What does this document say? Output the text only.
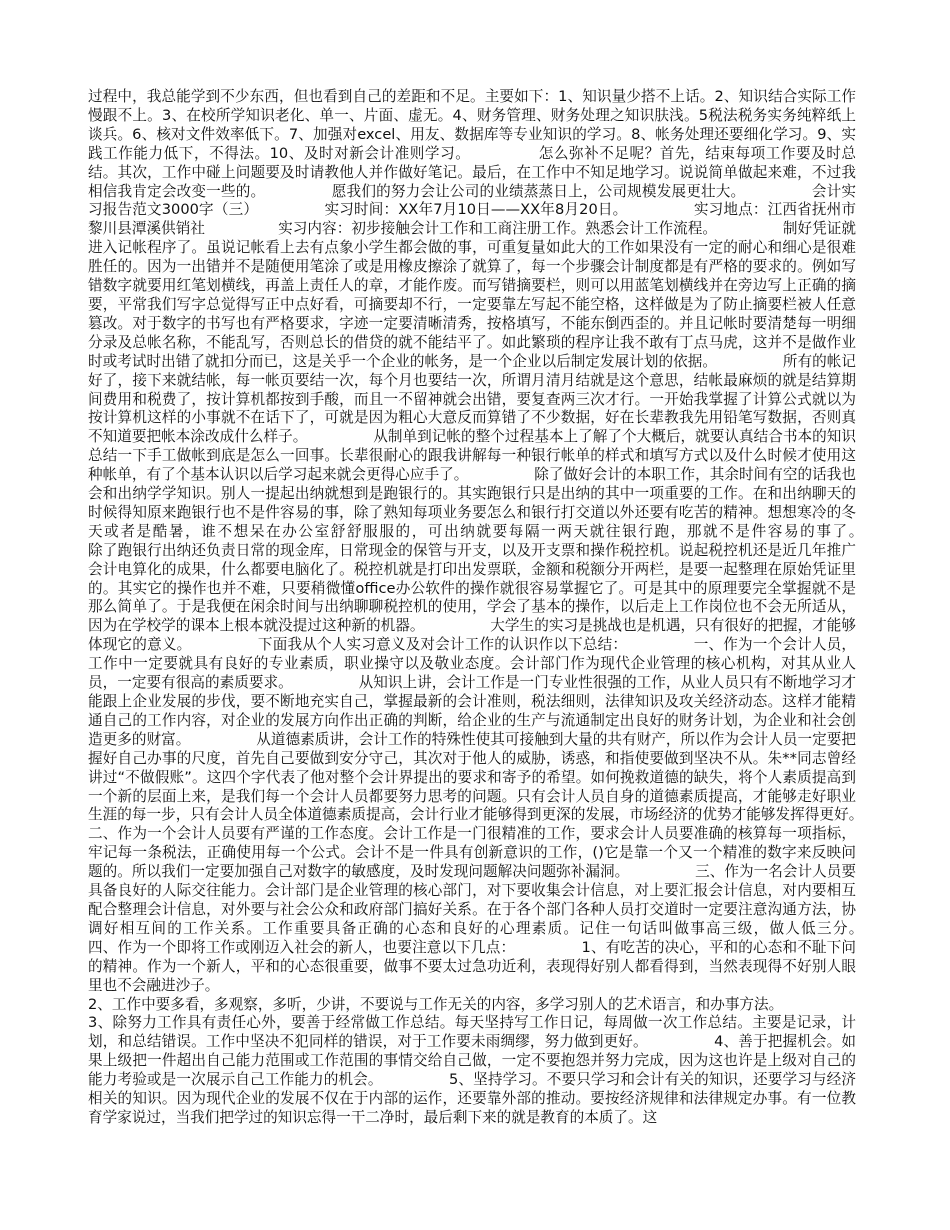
过程中，我总能学到不少东西，但也看到自己的差距和不足。主要如下：1、知识量少搭不上话。2、知识结合实际工作慢跟不上。3、在校所学知识老化、单一、片面、虚无。4、财务管理、财务处理之知识肤浅。5税法税务实务纯粹纸上谈兵。6、核对文件效率低下。7、加强对excel、用友、数据库等专业知识的学习。8、帐务处理还要细化学习。9、实践工作能力低下，不得法。10、及时对新会计准则学习。　　　　　怎么弥补不足呢？首先，结束每项工作要及时总结。其次，工作中碰上问题要及时请教他人并作做好笔记。最后，在工作中不知足地学习。说说简单做起来难，不过我相信我肯定会改变一些的。　　　　　愿我们的努力会让公司的业绩蒸蒸日上，公司规模发展更壮大。　　　　　会计实习报告范文3000字（三）　　　　　实习时间：XX年7月10日——XX年8月20日。　　　　　实习地点：江西省抚州市黎川县潭溪供销社　　　　　实习内容：初步接触会计工作和工商注册工作。熟悉会计工作流程。　　　　　制好凭证就进入记帐程序了。虽说记帐看上去有点象小学生都会做的事，可重复量如此大的工作如果没有一定的耐心和细心是很难胜任的。因为一出错并不是随便用笔涂了或是用橡皮擦涂了就算了，每一个步骤会计制度都是有严格的要求的。例如写错数字就要用红笔划横线，再盖上责任人的章，才能作废。而写错摘要栏，则可以用蓝笔划横线并在旁边写上正确的摘要，平常我们写字总觉得写正中点好看，可摘要却不行，一定要靠左写起不能空格，这样做是为了防止摘要栏被人任意篡改。对于数字的书写也有严格要求，字迹一定要清晰清秀，按格填写，不能东倒西歪的。并且记帐时要清楚每一明细分录及总帐名称，不能乱写，否则总长的借贷的就不能结平了。如此繁琐的程序让我不敢有丁点马虎，这并不是做作业时或考试时出错了就扣分而已，这是关乎一个企业的帐务，是一个企业以后制定发展计划的依据。　　　　　所有的帐记好了，接下来就结帐，每一帐页要结一次，每个月也要结一次，所谓月清月结就是这个意思，结帐最麻烦的就是结算期间费用和税费了，按计算机都按到手酸，而且一不留神就会出错，要复查两三次才行。一开始我掌握了计算公式就以为按计算机这样的小事就不在话下了，可就是因为粗心大意反而算错了不少数据，好在长辈教我先用铅笔写数据，否则真不知道要把帐本涂改成什么样子。　　　　　从制单到记帐的整个过程基本上了解了个大概后，就要认真结合书本的知识总结一下手工做帐到底是怎么一回事。长辈很耐心的跟我讲解每一种银行帐单的样式和填写方式以及什么时候才使用这种帐单，有了个基本认识以后学习起来就会更得心应手了。　　　　　除了做好会计的本职工作，其余时间有空的话我也会和出纳学学知识。别人一提起出纳就想到是跑银行的。其实跑银行只是出纳的其中一项重要的工作。在和出纳聊天的时候得知原来跑银行也不是件容易的事，除了熟知每项业务要怎么和银行打交道以外还要有吃苦的精神。想想寒冷的冬天或者是酷暑，谁不想呆在办公室舒舒服服的，可出纳就要每隔一两天就往银行跑，那就不是件容易的事了。　　　　　除了跑银行出纳还负责日常的现金库，日常现金的保管与开支，以及开支票和操作税控机。说起税控机还是近几年推广会计电算化的成果，什么都要电脑化了。税控机就是打印出发票联，金额和税额分开两栏，是要一起整理在原始凭证里的。其实它的操作也并不难，只要稍微懂office办公软件的操作就很容易掌握它了。可是其中的原理要完全掌握就不是那么简单了。于是我便在闲余时间与出纳聊聊税控机的使用，学会了基本的操作，以后走上工作岗位也不会无所适从，因为在学校学的课本上根本就没提过这种新的机器。　　　　　大学生的实习是挑战也是机遇，只有很好的把握，才能够体现它的意义。　　　　　下面我从个人实习意义及对会计工作的认识作以下总结：　　　　　一、作为一个会计人员，工作中一定要就具有良好的专业素质，职业操守以及敬业态度。会计部门作为现代企业管理的核心机构，对其从业人员，一定要有很高的素质要求。　　　　　从知识上讲，会计工作是一门专业性很强的工作，从业人员只有不断地学习才能跟上企业发展的步伐，要不断地充实自己，掌握最新的会计准则，税法细则，法律知识及攻关经济动态。这样才能精通自己的工作内容，对企业的发展方向作出正确的判断，给企业的生产与流通制定出良好的财务计划，为企业和社会创造更多的财富。　　　　　从道德素质讲，会计工作的特殊性使其可接触到大量的共有财产，所以作为会计人员一定要把握好自己办事的尺度，首先自己要做到安分守己，其次对于他人的威胁，诱惑，和指使要做到坚决不从。朱**同志曾经讲过“不做假账”。这四个字代表了他对整个会计界提出的要求和寄予的希望。如何挽救道德的缺失，将个人素质提高到一个新的层面上来，是我们每一个会计人员都要努力思考的问题。只有会计人员自身的道德素质提高，才能够走好职业生涯的每一步，只有会计人员全体道德素质提高，会计行业才能够得到更深的发展，市场经济的优势才能够发挥得更好。　　　　　二、作为一个会计人员要有严谨的工作态度。会计工作是一门很精准的工作，要求会计人员要准确的核算每一项指标，牢记每一条税法，正确使用每一个公式。会计不是一件具有创新意识的工作，()它是靠一个又一个精准的数字来反映问题的。所以我们一定要加强自己对数字的敏感度，及时发现问题解决问题弥补漏洞。　　　　　三、作为一名会计人员要具备良好的人际交往能力。会计部门是企业管理的核心部门，对下要收集会计信息，对上要汇报会计信息，对内要相互配合整理会计信息，对外要与社会公众和政府部门搞好关系。在于各个部门各种人员打交道时一定要注意沟通方法，协调好相互间的工作关系。工作重要具备正确的心态和良好的心理素质。记住一句话叫做事高三级，做人低三分。　　　　　四、作为一个即将工作或刚迈入社会的新人，也要注意以下几点：　　　　　1、有吃苦的决心，平和的心态和不耻下问的精神。作为一个新人，平和的心态很重要，做事不要太过急功近利，表现得好别人都看得到，当然表现得不好别人眼里也不会融进沙子。

2、工作中要多看，多观察，多听，少讲，不要说与工作无关的内容，多学习别人的艺术语言，和办事方法。

3、除努力工作具有责任心外，要善于经常做工作总结。每天坚持写工作日记，每周做一次工作总结。主要是记录，计划，和总结错误。工作中坚决不犯同样的错误，对于工作要未雨绸缪，努力做到更好。　　　　　4、善于把握机会。如果上级把一件超出自己能力范围或工作范围的事情交给自己做，一定不要抱怨并努力完成，因为这也许是上级对自己的能力考验或是一次展示自己工作能力的机会。　　　　　5、坚持学习。不要只学习和会计有关的知识，还要学习与经济相关的知识。因为现代企业的发展不仅在于内部的运作，还要靠外部的推动。要按经济规律和法律规定办事。有一位教育学家说过，当我们把学过的知识忘得一干二净时，最后剩下来的就是教育的本质了。这
